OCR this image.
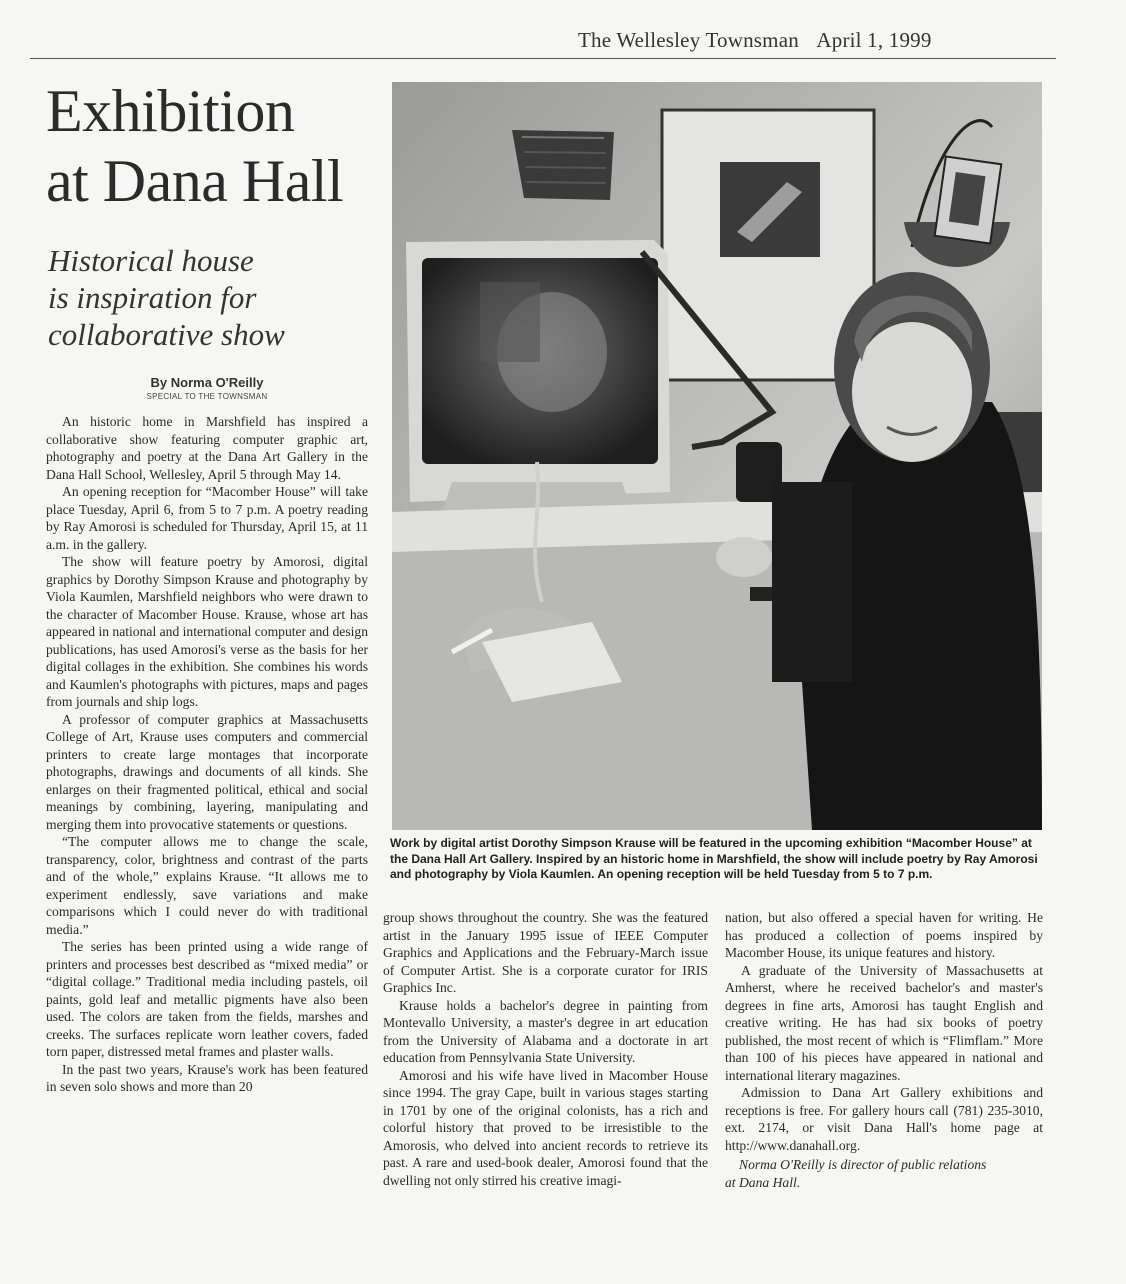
The Wellesley Townsman April 1, 1999
Exhibition
at Dana Hall
Historical house
is inspiration for
collaborative show
By Norma O'Reilly
SPECIAL TO THE TOWNSMAN

An historic home in Marshfield has inspired a collaborative show featuring computer graphic art, photography and poetry at the Dana Art Gallery in the Dana Hall School, Wellesley, April 5 through May 14.

An opening reception for “Macomber House” will take place Tuesday, April 6, from 5 to 7 p.m. A poetry reading by Ray Amorosi is scheduled for Thursday, April 15, at 11 a.m. in the gallery.

The show will feature poetry by Amorosi, digital graphics by Dorothy Simpson Krause and photography by Viola Kaumlen, Marshfield neighbors who were drawn to the character of Macomber House. Krause, whose art has appeared in national and international computer and design publications, has used Amorosi's verse as the basis for her digital collages in the exhibition. She combines his words and Kaumlen's photographs with pictures, maps and pages from journals and ship logs.

A professor of computer graphics at Massachusetts College of Art, Krause uses computers and commercial printers to create large montages that incorporate photographs, drawings and documents of all kinds. She enlarges on their fragmented political, ethical and social meanings by combining, layering, manipulating and merging them into provocative statements or questions.

“The computer allows me to change the scale, transparency, color, brightness and contrast of the parts and of the whole,” explains Krause. “It allows me to experiment endlessly, save variations and make comparisons which I could never do with traditional media.”

The series has been printed using a wide range of printers and processes best described as “mixed media” or “digital collage.” Traditional media including pastels, oil paints, gold leaf and metallic pigments have also been used. The colors are taken from the fields, marshes and creeks. The surfaces replicate worn leather covers, faded torn paper, distressed metal frames and plaster walls.

In the past two years, Krause's work has been featured in seven solo shows and more than 20

Work by digital artist Dorothy Simpson Krause will be featured in the upcoming exhibition “Macomber House” at the Dana Hall Art Gallery. Inspired by an historic home in Marshfield, the show will include poetry by Ray Amorosi and photography by Viola Kaumlen. An opening reception will be held Tuesday from 5 to 7 p.m.

group shows throughout the country. She was the featured artist in the January 1995 issue of IEEE Computer Graphics and Applications and the February-March issue of Computer Artist. She is a corporate curator for IRIS Graphics Inc.

Krause holds a bachelor's degree in painting from Montevallo University, a master's degree in art education from the University of Alabama and a doctorate in art education from Pennsylvania State University.

Amorosi and his wife have lived in Macomber House since 1994. The gray Cape, built in various stages starting in 1701 by one of the original colonists, has a rich and colorful history that proved to be irresistible to the Amorosis, who delved into ancient records to retrieve its past. A rare and used-book dealer, Amorosi found that the dwelling not only stirred his creative imagi-

nation, but also offered a special haven for writing. He has produced a collection of poems inspired by Macomber House, its unique features and history.

A graduate of the University of Massachusetts at Amherst, where he received bachelor's and master's degrees in fine arts, Amorosi has taught English and creative writing. He has had six books of poetry published, the most recent of which is “Flimflam.” More than 100 of his pieces have appeared in national and international literary magazines.

Admission to Dana Art Gallery exhibitions and receptions is free. For gallery hours call (781) 235-3010, ext. 2174, or visit Dana Hall's home page at http://www.danahall.org.

Norma O'Reilly is director of public relations

at Dana Hall.
